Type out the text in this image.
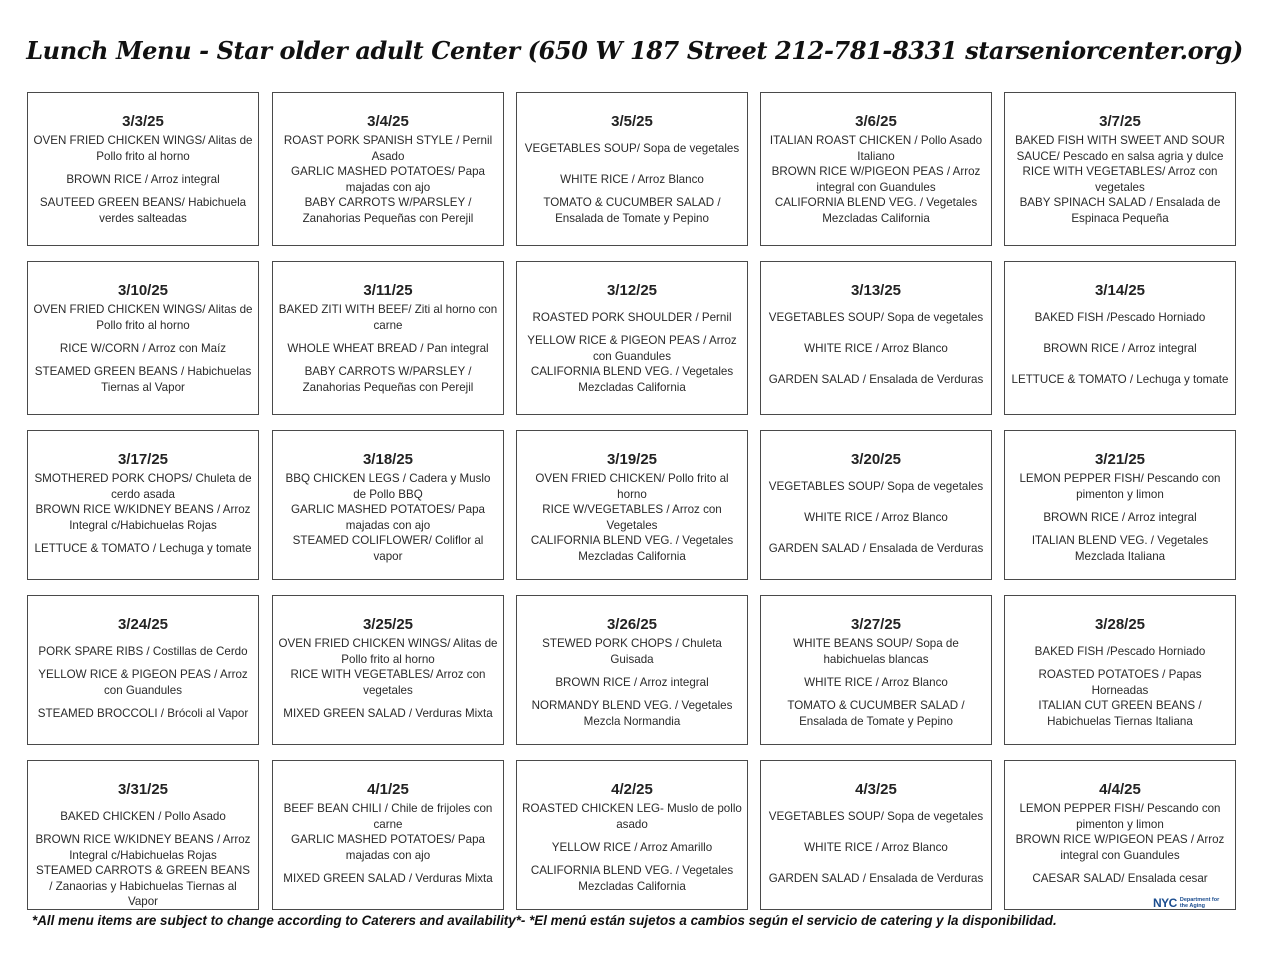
Lunch Menu - Star older adult Center (650 W 187 Street 212-781-8331 starseniorcenter.org)
3/3/25
OVEN FRIED CHICKEN WINGS/ Alitas de Pollo frito al horno
BROWN RICE / Arroz integral
SAUTEED GREEN BEANS/ Habichuela verdes salteadas
3/4/25
ROAST PORK SPANISH STYLE / Pernil Asado
GARLIC MASHED POTATOES/ Papa majadas con ajo
BABY CARROTS W/PARSLEY / Zanahorias Pequeñas con Perejil
3/5/25
VEGETABLES SOUP/ Sopa de vegetales
WHITE RICE / Arroz Blanco
TOMATO & CUCUMBER SALAD / Ensalada de Tomate y Pepino
3/6/25
ITALIAN ROAST CHICKEN / Pollo Asado Italiano
BROWN RICE W/PIGEON PEAS / Arroz integral con Guandules
CALIFORNIA BLEND VEG. / Vegetales Mezcladas California
3/7/25
BAKED FISH WITH SWEET AND SOUR SAUCE/ Pescado en salsa agria y dulce
RICE WITH VEGETABLES/ Arroz con vegetales
BABY SPINACH SALAD / Ensalada de Espinaca Pequeña
3/10/25
OVEN FRIED CHICKEN WINGS/ Alitas de Pollo frito al horno
RICE W/CORN / Arroz con Maíz
STEAMED GREEN BEANS / Habichuelas Tiernas al Vapor
3/11/25
BAKED ZITI WITH BEEF/ Ziti al horno con carne
WHOLE WHEAT BREAD / Pan integral
BABY CARROTS W/PARSLEY / Zanahorias Pequeñas con Perejil
3/12/25
ROASTED PORK SHOULDER / Pernil
YELLOW RICE & PIGEON PEAS / Arroz con Guandules
CALIFORNIA BLEND VEG. / Vegetales Mezcladas California
3/13/25
VEGETABLES SOUP/ Sopa de vegetales
WHITE RICE / Arroz Blanco
GARDEN SALAD / Ensalada de Verduras
3/14/25
BAKED FISH /Pescado Horniado
BROWN RICE / Arroz integral
LETTUCE & TOMATO / Lechuga y tomate
3/17/25
SMOTHERED PORK CHOPS/ Chuleta de cerdo asada
BROWN RICE W/KIDNEY BEANS / Arroz Integral c/Habichuelas Rojas
LETTUCE & TOMATO / Lechuga y tomate
3/18/25
BBQ CHICKEN LEGS / Cadera y Muslo de Pollo BBQ
GARLIC MASHED POTATOES/ Papa majadas con ajo
STEAMED COLIFLOWER/ Coliflor al vapor
3/19/25
OVEN FRIED CHICKEN/ Pollo frito al horno
RICE W/VEGETABLES / Arroz con Vegetales
CALIFORNIA BLEND VEG. / Vegetales Mezcladas California
3/20/25
VEGETABLES SOUP/ Sopa de vegetales
WHITE RICE / Arroz Blanco
GARDEN SALAD / Ensalada de Verduras
3/21/25
LEMON PEPPER FISH/ Pescando con pimenton y limon
BROWN RICE / Arroz integral
ITALIAN BLEND VEG. / Vegetales Mezclada Italiana
3/24/25
PORK SPARE RIBS / Costillas de Cerdo
YELLOW RICE & PIGEON PEAS / Arroz con Guandules
STEAMED BROCCOLI / Brócoli al Vapor
3/25/25
OVEN FRIED CHICKEN WINGS/ Alitas de Pollo frito al horno
RICE WITH VEGETABLES/ Arroz con vegetales
MIXED GREEN SALAD / Verduras Mixta
3/26/25
STEWED PORK CHOPS / Chuleta Guisada
BROWN RICE / Arroz integral
NORMANDY BLEND VEG. / Vegetales Mezcla Normandia
3/27/25
WHITE BEANS SOUP/ Sopa de habichuelas blancas
WHITE RICE / Arroz Blanco
TOMATO & CUCUMBER SALAD / Ensalada de Tomate y Pepino
3/28/25
BAKED FISH /Pescado Horniado
ROASTED POTATOES / Papas Horneadas
ITALIAN CUT GREEN BEANS / Habichuelas Tiernas Italiana
3/31/25
BAKED CHICKEN / Pollo Asado
BROWN RICE W/KIDNEY BEANS / Arroz Integral c/Habichuelas Rojas
STEAMED CARROTS & GREEN BEANS / Zanaorias y Habichuelas Tiernas al Vapor
4/1/25
BEEF BEAN CHILI / Chile de frijoles con carne
GARLIC MASHED POTATOES/ Papa majadas con ajo
MIXED GREEN SALAD / Verduras Mixta
4/2/25
ROASTED CHICKEN LEG- Muslo de pollo asado
YELLOW RICE / Arroz Amarillo
CALIFORNIA BLEND VEG. / Vegetales Mezcladas California
4/3/25
VEGETABLES SOUP/ Sopa de vegetales
WHITE RICE / Arroz Blanco
GARDEN SALAD / Ensalada de Verduras
4/4/25
LEMON PEPPER FISH/ Pescando con pimenton y limon
BROWN RICE W/PIGEON PEAS / Arroz integral con Guandules
CAESAR SALAD/ Ensalada cesar
*All menu items are subject to change according to Caterers and availability*- *El menú están sujetos a cambios según el servicio de catering y la disponibilidad.
NYC Department for the Aging
